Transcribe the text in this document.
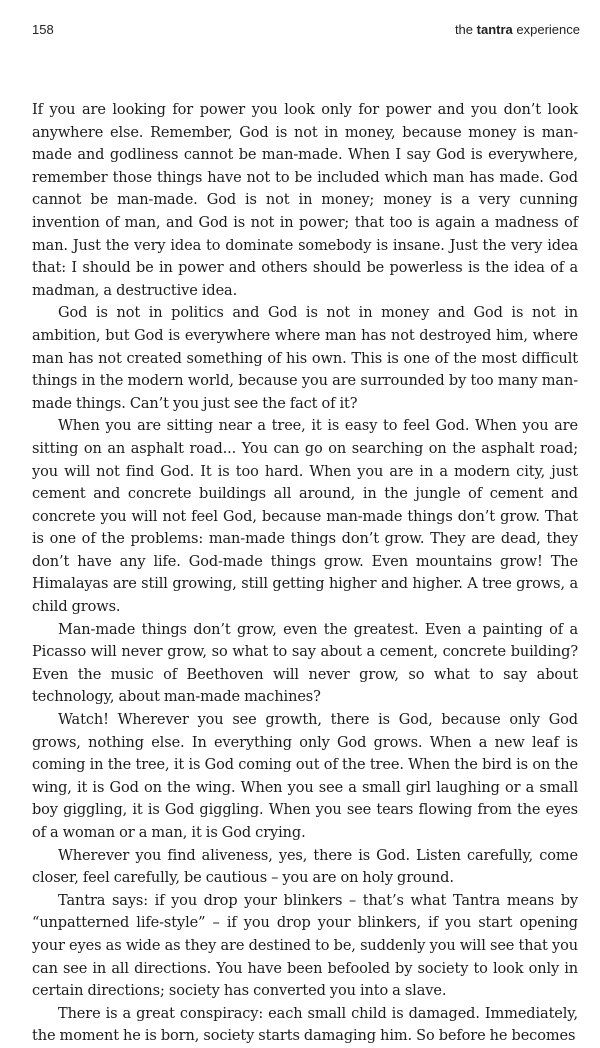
158	the tantra experience

If you are looking for power you look only for power and you don’t look anywhere else. Remember, God is not in money, because money is man-made and godliness cannot be man-made. When I say God is everywhere, remember those things have not to be included which man has made. God cannot be man-made. God is not in money; money is a very cunning invention of man, and God is not in power; that too is again a madness of man. Just the very idea to dominate somebody is insane. Just the very idea that: I should be in power and others should be powerless is the idea of a madman, a destructive idea.

God is not in politics and God is not in money and God is not in ambition, but God is everywhere where man has not destroyed him, where man has not created something of his own. This is one of the most difficult things in the modern world, because you are surrounded by too many man-made things. Can’t you just see the fact of it?

When you are sitting near a tree, it is easy to feel God. When you are sitting on an asphalt road... You can go on searching on the asphalt road; you will not find God. It is too hard. When you are in a modern city, just cement and concrete buildings all around, in the jungle of cement and concrete you will not feel God, because man-made things don’t grow. That is one of the problems: man-made things don’t grow. They are dead, they don’t have any life. God-made things grow. Even mountains grow! The Himalayas are still growing, still getting higher and higher. A tree grows, a child grows.

Man-made things don’t grow, even the greatest. Even a painting of a Picasso will never grow, so what to say about a cement, concrete building? Even the music of Beethoven will never grow, so what to say about technology, about man-made machines?

Watch! Wherever you see growth, there is God, because only God grows, nothing else. In everything only God grows. When a new leaf is coming in the tree, it is God coming out of the tree. When the bird is on the wing, it is God on the wing. When you see a small girl laughing or a small boy giggling, it is God giggling. When you see tears flowing from the eyes of a woman or a man, it is God crying.

Wherever you find aliveness, yes, there is God. Listen carefully, come closer, feel carefully, be cautious – you are on holy ground.

Tantra says: if you drop your blinkers – that’s what Tantra means by “unpatterned life-style” – if you drop your blinkers, if you start opening your eyes as wide as they are destined to be, suddenly you will see that you can see in all directions. You have been befooled by society to look only in certain directions; society has converted you into a slave.

There is a great conspiracy: each small child is damaged. Immediately, the moment he is born, society starts damaging him. So before he becomes
